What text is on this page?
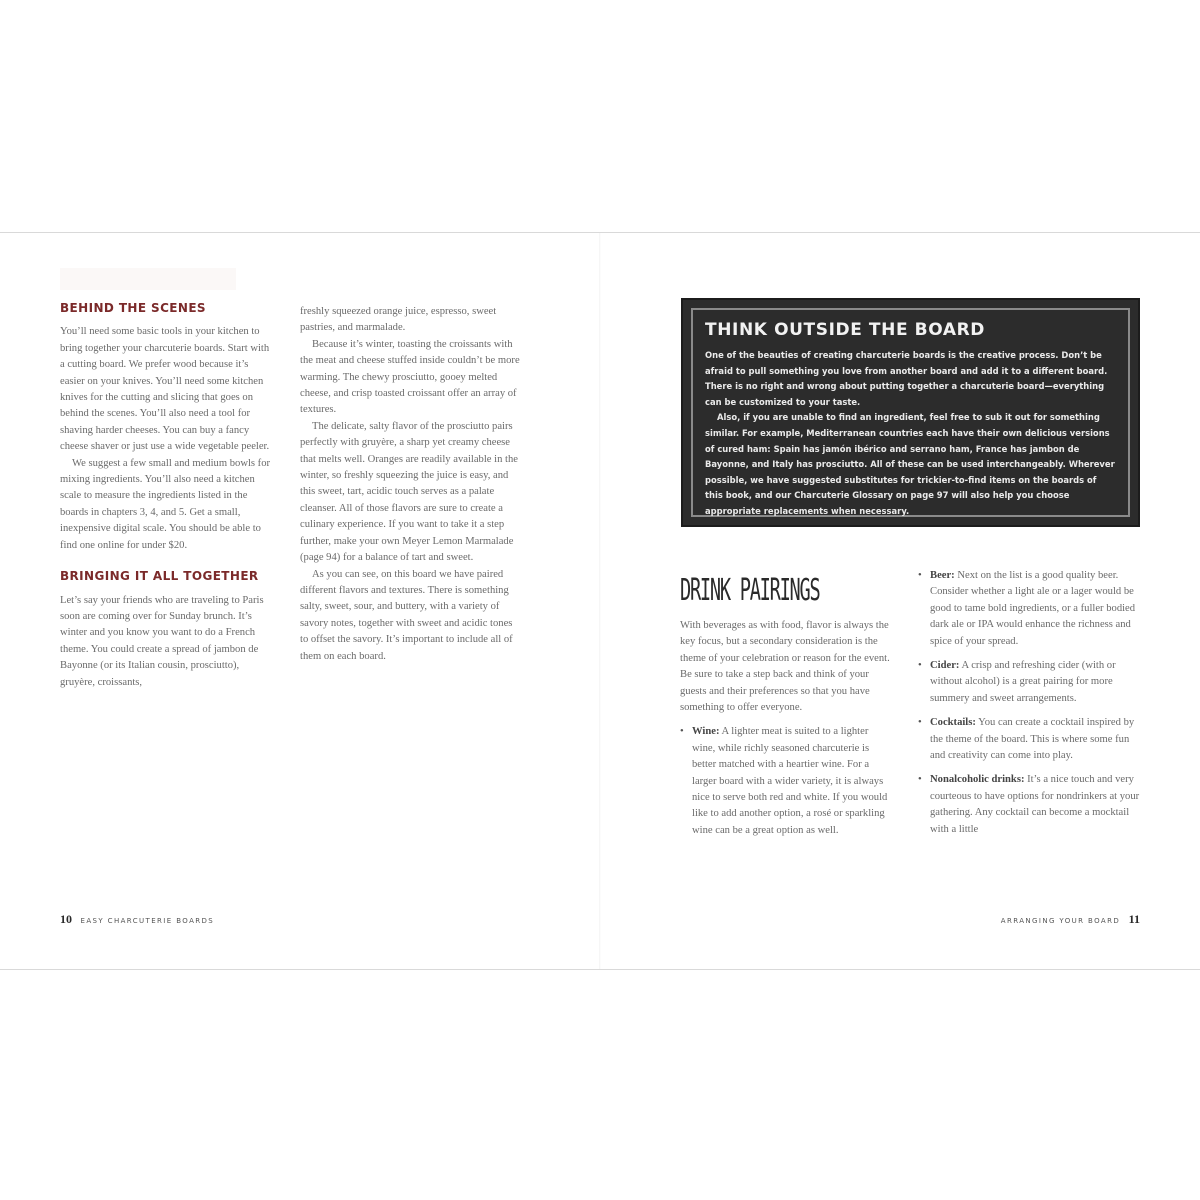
BEHIND THE SCENES

You’ll need some basic tools in your kitchen to bring together your charcuterie boards. Start with a cutting board. We prefer wood because it’s easier on your knives. You’ll need some kitchen knives for the cutting and slicing that goes on behind the scenes. You’ll also need a tool for shaving harder cheeses. You can buy a fancy cheese shaver or just use a wide vegetable peeler.

We suggest a few small and medium bowls for mixing ingredients. You’ll also need a kitchen scale to measure the ingredients listed in the boards in chapters 3, 4, and 5. Get a small, inexpensive digital scale. You should be able to find one online for under $20.

BRINGING IT ALL TOGETHER

Let’s say your friends who are traveling to Paris soon are coming over for Sunday brunch. It’s winter and you know you want to do a French theme. You could create a spread of jambon de Bayonne (or its Italian cousin, prosciutto), gruyère, croissants,

freshly squeezed orange juice, espresso, sweet pastries, and marmalade.

Because it’s winter, toasting the croissants with the meat and cheese stuffed inside couldn’t be more warming. The chewy prosciutto, gooey melted cheese, and crisp toasted croissant offer an array of textures.

The delicate, salty flavor of the prosciutto pairs perfectly with gruyère, a sharp yet creamy cheese that melts well. Oranges are readily available in the winter, so freshly squeezing the juice is easy, and this sweet, tart, acidic touch serves as a palate cleanser. All of those flavors are sure to create a culinary experience. If you want to take it a step further, make your own Meyer Lemon Marmalade (page 94) for a balance of tart and sweet.

As you can see, on this board we have paired different flavors and textures. There is something salty, sweet, sour, and buttery, with a variety of savory notes, together with sweet and acidic tones to offset the savory. It’s important to include all of them on each board.

10 EASY CHARCUTERIE BOARDS
THINK OUTSIDE THE BOARD

One of the beauties of creating charcuterie boards is the creative process. Don’t be afraid to pull something you love from another board and add it to a different board. There is no right and wrong about putting together a charcuterie board—everything can be customized to your taste.

Also, if you are unable to find an ingredient, feel free to sub it out for something similar. For example, Mediterranean countries each have their own delicious versions of cured ham: Spain has jamón ibérico and serrano ham, France has jambon de Bayonne, and Italy has prosciutto. All of these can be used interchangeably. Wherever possible, we have suggested substitutes for trickier-to-find items on the boards of this book, and our Charcuterie Glossary on page 97 will also help you choose appropriate replacements when necessary.

DRINK PAIRINGS

With beverages as with food, flavor is always the key focus, but a secondary consideration is the theme of your celebration or reason for the event. Be sure to take a step back and think of your guests and their preferences so that you have something to offer everyone.

• Wine: A lighter meat is suited to a lighter wine, while richly seasoned charcuterie is better matched with a heartier wine. For a larger board with a wider variety, it is always nice to serve both red and white. If you would like to add another option, a rosé or sparkling wine can be a great option as well.
• Beer: Next on the list is a good quality beer. Consider whether a light ale or a lager would be good to tame bold ingredients, or a fuller bodied dark ale or IPA would enhance the richness and spice of your spread.
• Cider: A crisp and refreshing cider (with or without alcohol) is a great pairing for more summery and sweet arrangements.
• Cocktails: You can create a cocktail inspired by the theme of the board. This is where some fun and creativity can come into play.
• Nonalcoholic drinks: It’s a nice touch and very courteous to have options for nondrinkers at your gathering. Any cocktail can become a mocktail with a little
ARRANGING YOUR BOARD 11
